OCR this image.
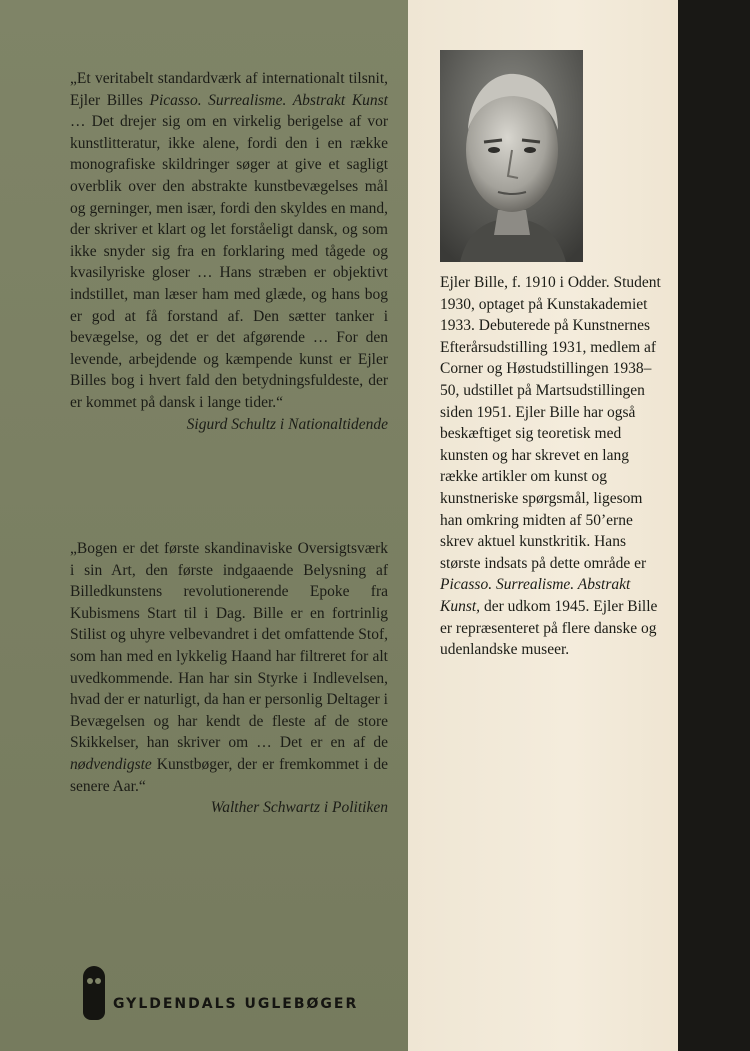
„Et veritabelt standardværk af internationalt tilsnit, Ejler Billes Picasso. Surrealisme. Abstrakt Kunst … Det drejer sig om en virkelig berigelse af vor kunstlitteratur, ikke alene, fordi den i en række monografiske skildringer søger at give et sagligt overblik over den abstrakte kunstbevægelses mål og gerninger, men især, fordi den skyldes en mand, der skriver et klart og let forståeligt dansk, og som ikke snyder sig fra en forklaring med tågede og kvasilyriske gloser … Hans stræben er objektivt indstillet, man læser ham med glæde, og hans bog er god at få forstand af. Den sætter tanker i bevægelse, og det er det afgørende … For den levende, arbejdende og kæmpende kunst er Ejler Billes bog i hvert fald den betydningsfuldeste, der er kommet på dansk i lange tider.“

Sigurd Schultz i Nationaltidende

„Bogen er det første skandinaviske Oversigtsværk i sin Art, den første indgaaende Belysning af Billedkunstens revolutionerende Epoke fra Kubismens Start til i Dag. Bille er en fortrinlig Stilist og uhyre velbevandret i det omfattende Stof, som han med en lykkelig Haand har filtreret for alt uvedkommende. Han har sin Styrke i Indlevelsen, hvad der er naturligt, da han er personlig Deltager i Bevægelsen og har kendt de fleste af de store Skikkelser, han skriver om … Det er en af de nødvendigste Kunstbøger, der er fremkommet i de senere Aar.“

Walther Schwartz i Politiken

GYLDENDALS UGLEBØGER

Ejler Bille, f. 1910 i Odder. Student 1930, optaget på Kunstakademiet 1933. Debuterede på Kunstnernes Efterårsudstilling 1931, medlem af Corner og Høstudstillingen 1938–50, udstillet på Martsudstillingen siden 1951. Ejler Bille har også beskæftiget sig teoretisk med kunsten og har skrevet en lang række artikler om kunst og kunstneriske spørgsmål, ligesom han omkring midten af 50’erne skrev aktuel kunstkritik. Hans største indsats på dette område er Picasso. Surrealisme. Abstrakt Kunst, der udkom 1945. Ejler Bille er repræsenteret på flere danske og udenlandske museer.
